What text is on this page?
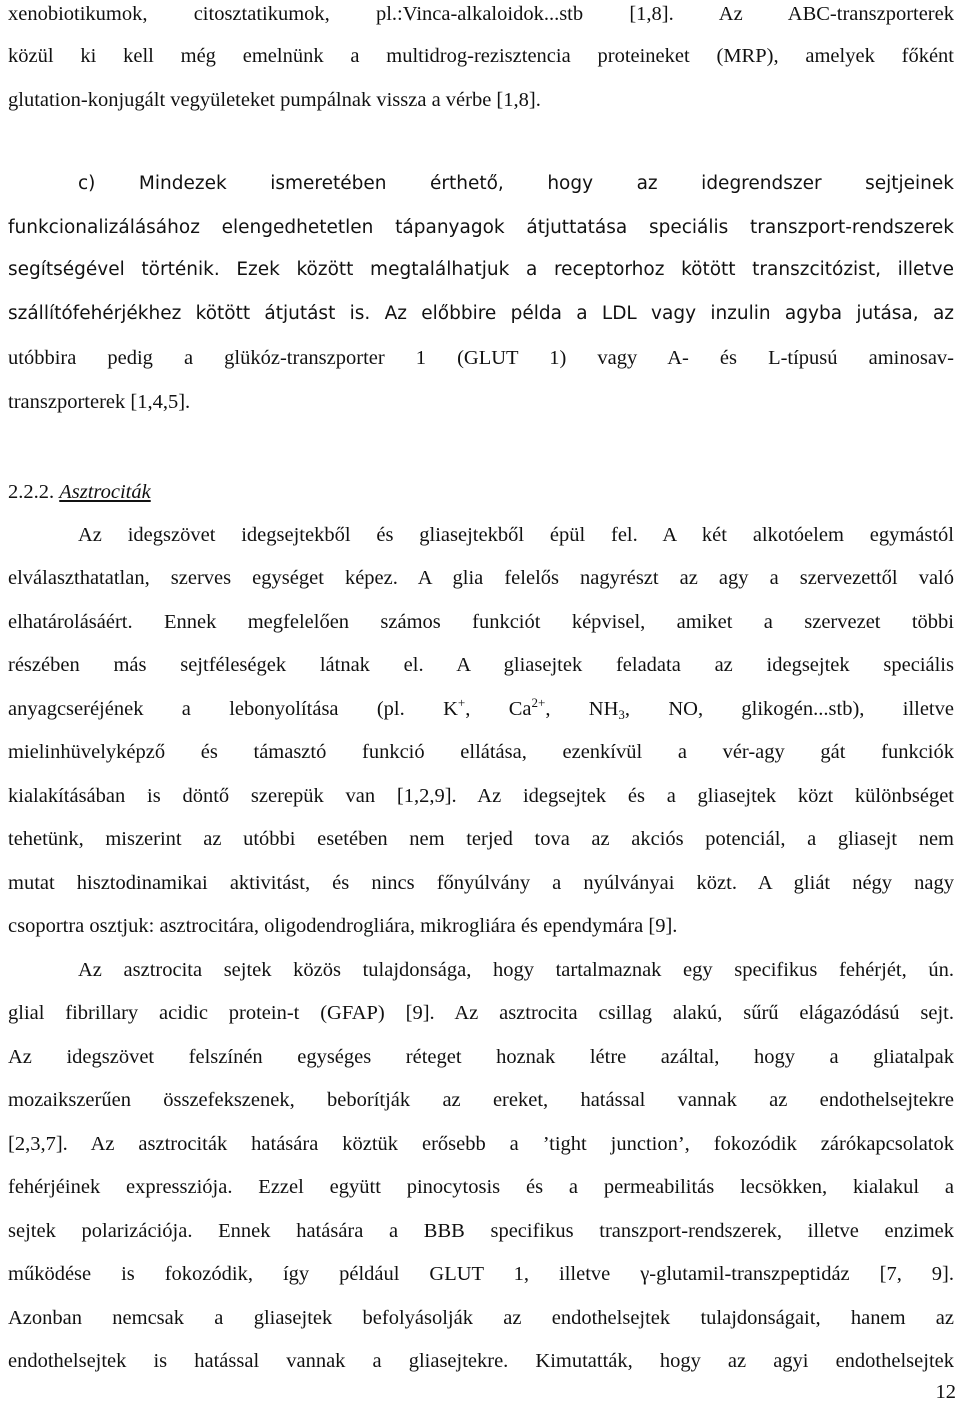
xenobiotikumok, citosztatikumok, pl.:Vinca-alkaloidok...stb [1,8]. Az ABC-transzporterek
közül ki kell még emelnünk a multidrog-rezisztencia proteineket (MRP), amelyek főként
glutation-konjugált vegyületeket pumpálnak vissza a vérbe [1,8].
c) Mindezek ismeretében érthető, hogy az idegrendszer sejtjeinek
funkcionalizálásához elengedhetetlen tápanyagok átjuttatása speciális transzport-rendszerek
segítségével történik. Ezek között megtalálhatjuk a receptorhoz kötött transzcitózist, illetve
szállítófehérjékhez kötött átjutást is. Az előbbire példa a LDL vagy inzulin agyba jutása, az
utóbbira pedig a glükóz-transzporter 1 (GLUT 1) vagy A- és L-típusú aminosav-
transzporterek [1,4,5].
2.2.2. Asztrociták
Az idegszövet idegsejtekből és gliasejtekből épül fel. A két alkotóelem egymástól
elválaszthatatlan, szerves egységet képez. A glia felelős nagyrészt az agy a szervezettől való
elhatárolásáért. Ennek megfelelően számos funkciót képvisel, amiket a szervezet többi
részében más sejtféleségek látnak el. A gliasejtek feladata az idegsejtek speciális
anyagcseréjének a lebonyolítása (pl. K+, $Ca^{2+}$, $NH_3$, NO, glikogén...stb), illetve
mielinhüvelyképző és támasztó funkció ellátása, ezenkívül a vér-agy gát funkciók
kialakításában is döntő szerepük van [1,2,9]. Az idegsejtek és a gliasejtek közt különbséget
tehetünk, miszerint az utóbbi esetében nem terjed tova az akciós potenciál, a gliasejt nem
mutat hisztodinamikai aktivitást, és nincs főnyúlvány a nyúlványai közt. A gliát négy nagy
csoportra osztjuk: asztrocitára, oligodendrogliára, mikrogliára és ependymára [9].
Az asztrocita sejtek közös tulajdonsága, hogy tartalmaznak egy specifikus fehérjét, ún.
glial fibrillary acidic protein-t (GFAP) [9]. Az asztrocita csillag alakú, sűrű elágazódású sejt.
Az idegszövet felszínén egységes réteget hoznak létre azáltal, hogy a gliatalpak
mozaikszerűen összefekszenek, beborítják az ereket, hatással vannak az endothelsejtekre
[2,3,7]. Az asztrociták hatására köztük erősebb a ’tight junction’, fokozódik zárókapcsolatok
fehérjéinek expressziója. Ezzel együtt pinocytosis és a permeabilitás lecsökken, kialakul a
sejtek polarizációja. Ennek hatására a BBB specifikus transzport-rendszerek, illetve enzimek
működése is fokozódik, így például GLUT 1, illetve γ-glutamil-transzpeptidáz [7, 9].
Azonban nemcsak a gliasejtek befolyásolják az endothelsejtek tulajdonságait, hanem az
endothelsejtek is hatással vannak a gliasejtekre. Kimutatták, hogy az agyi endothelsejtek
12
